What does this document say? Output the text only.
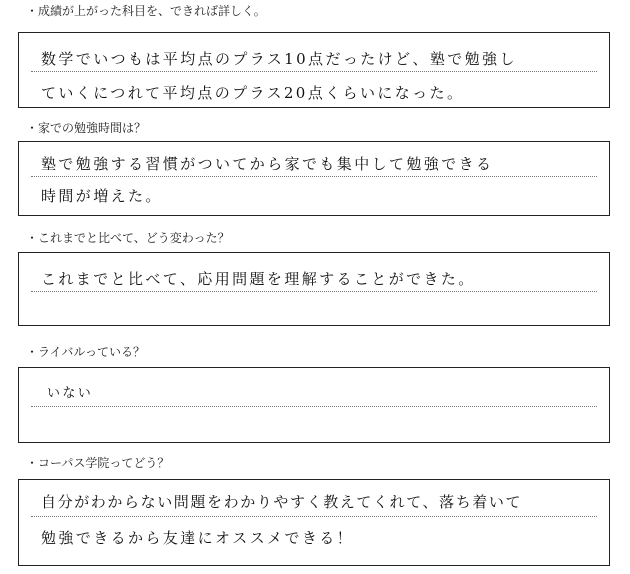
・成績が上がった科目を、できれば詳しく。
数学でいつもは平均点のプラス10点だったけど、塾で勉強し
ていくにつれて平均点のプラス20点くらいになった。
・家での勉強時間は？
塾で勉強する習慣がついてから家でも集中して勉強できる
時間が増えた。
・これまでと比べて、どう変わった？
これまでと比べて、応用問題を理解することができた。
・ライバルっている？
いない
・コーパス学院ってどう？
自分がわからない問題をわかりやすく教えてくれて、落ち着いて
勉強できるから友達にオススメできる！
